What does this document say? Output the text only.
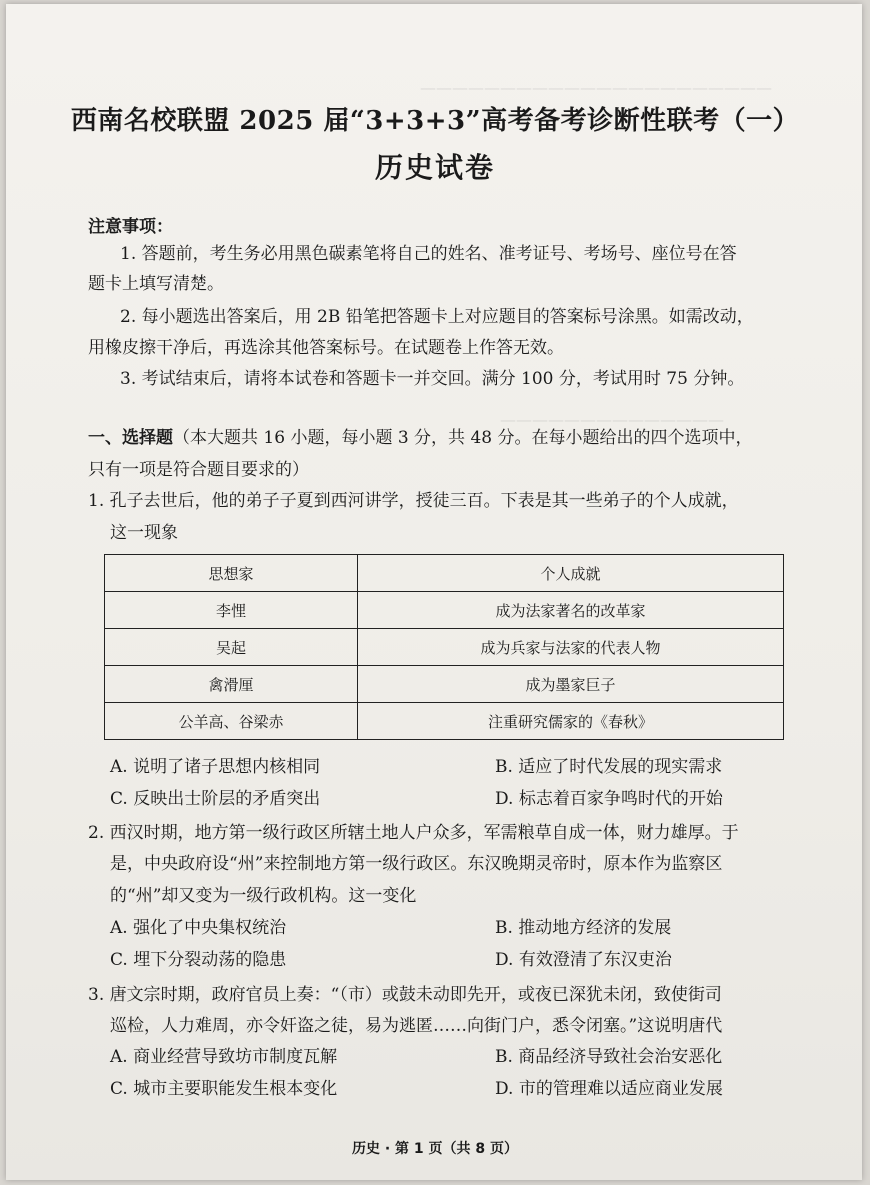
——————————————————————
——————————————
西南名校联盟 2025 届“3+3+3”高考备考诊断性联考（一）
历史试卷
注意事项：
1. 答题前，考生务必用黑色碳素笔将自己的姓名、准考证号、考场号、座位号在答
题卡上填写清楚。
2. 每小题选出答案后，用 2B 铅笔把答题卡上对应题目的答案标号涂黑。如需改动，
用橡皮擦干净后，再选涂其他答案标号。在试题卷上作答无效。
3. 考试结束后，请将本试卷和答题卡一并交回。满分 100 分，考试用时 75 分钟。
一、选择题（本大题共 16 小题，每小题 3 分，共 48 分。在每小题给出的四个选项中，
只有一项是符合题目要求的）
1. 孔子去世后，他的弟子子夏到西河讲学，授徒三百。下表是其一些弟子的个人成就，
这一现象
思想家	个人成就
李悝	成为法家著名的改革家
吴起	成为兵家与法家的代表人物
禽滑厘	成为墨家巨子
公羊高、谷梁赤	注重研究儒家的《春秋》
A. 说明了诸子思想内核相同	B. 适应了时代发展的现实需求
C. 反映出士阶层的矛盾突出	D. 标志着百家争鸣时代的开始
2. 西汉时期，地方第一级行政区所辖土地人户众多，军需粮草自成一体，财力雄厚。于
是，中央政府设“州”来控制地方第一级行政区。东汉晚期灵帝时，原本作为监察区
的“州”却又变为一级行政机构。这一变化
A. 强化了中央集权统治	B. 推动地方经济的发展
C. 埋下分裂动荡的隐患	D. 有效澄清了东汉吏治
3. 唐文宗时期，政府官员上奏：“（市）或鼓未动即先开，或夜已深犹未闭，致使街司
巡检，人力难周，亦令奸盗之徒，易为逃匿……向街门户，悉令闭塞。”这说明唐代
A. 商业经营导致坊市制度瓦解	B. 商品经济导致社会治安恶化
C. 城市主要职能发生根本变化	D. 市的管理难以适应商业发展
历史 · 第 1 页（共 8 页）
